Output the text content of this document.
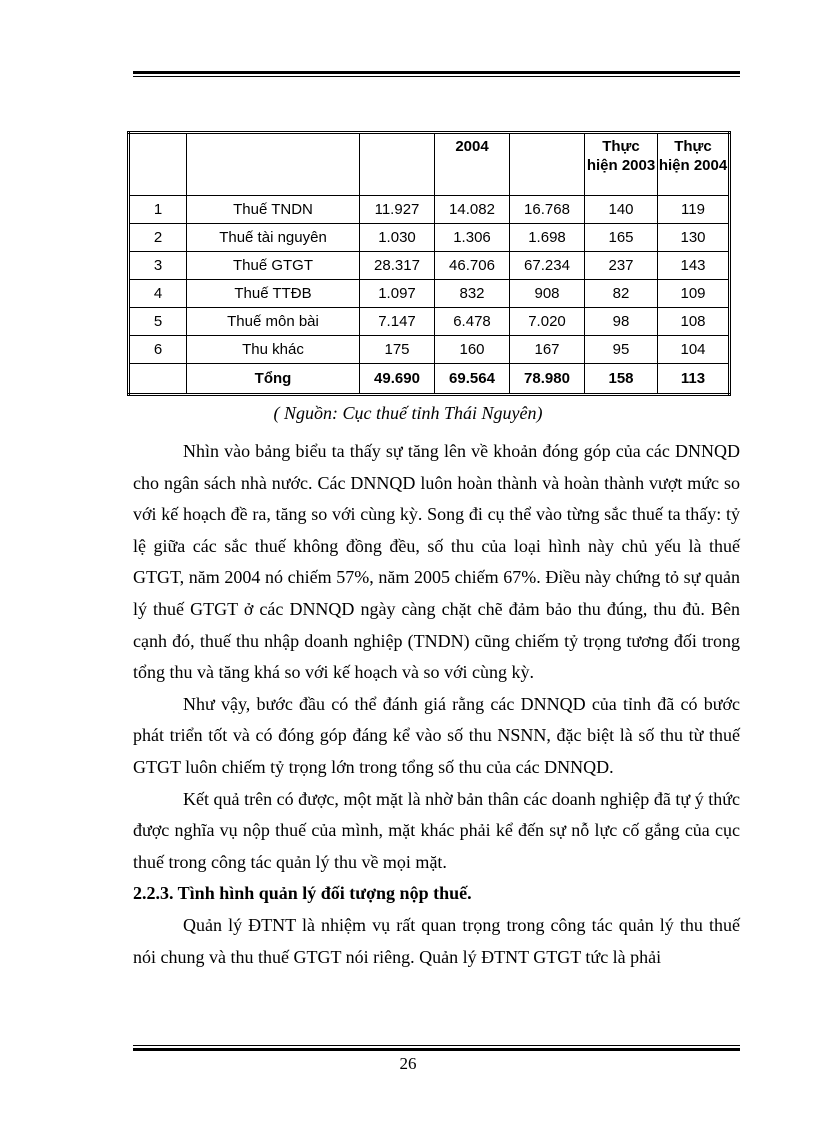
			2004		Thực hiện 2003	Thực hiện 2004
1	Thuế TNDN	11.927	14.082	16.768	140	119
2	Thuế tài nguyên	1.030	1.306	1.698	165	130
3	Thuế GTGT	28.317	46.706	67.234	237	143
4	Thuế TTĐB	1.097	832	908	82	109
5	Thuế môn bài	7.147	6.478	7.020	98	108
6	Thu khác	175	160	167	95	104
	Tổng	49.690	69.564	78.980	158	113
( Nguồn: Cục thuế tỉnh Thái Nguyên)

Nhìn vào bảng biểu ta thấy sự tăng lên về khoản đóng góp của các DNNQD cho ngân sách nhà nước. Các DNNQD luôn hoàn thành và hoàn thành vượt mức so với kế hoạch đề ra, tăng so với cùng kỳ. Song đi cụ thể vào từng sắc thuế ta thấy: tỷ lệ giữa các sắc thuế không đồng đều, số thu của loại hình này chủ yếu là thuế GTGT, năm 2004 nó chiếm 57%, năm 2005 chiếm 67%. Điều này chứng tỏ sự quản lý thuế GTGT ở các DNNQD ngày càng chặt chẽ đảm bảo thu đúng, thu đủ. Bên cạnh đó, thuế thu nhập doanh nghiệp (TNDN) cũng chiếm tỷ trọng tương đối trong tổng thu và tăng khá so với kế hoạch và so với cùng kỳ.

Như vậy, bước đầu có thể đánh giá rằng các DNNQD của tỉnh đã có bước phát triển tốt và có đóng góp đáng kể vào số thu NSNN, đặc biệt là số thu từ thuế GTGT luôn chiếm tỷ trọng lớn trong tổng số thu của các DNNQD.

Kết quả trên có được, một mặt là nhờ bản thân các doanh nghiệp đã tự ý thức được nghĩa vụ nộp thuế của mình, mặt khác phải kể đến sự nỗ lực cố gắng của cục thuế trong công tác quản lý thu về mọi mặt.

2.2.3. Tình hình quản lý đối tượng nộp thuế.

Quản lý ĐTNT là nhiệm vụ rất quan trọng trong công tác quản lý thu thuế nói chung và thu thuế GTGT nói riêng. Quản lý ĐTNT GTGT tức là phải

26
